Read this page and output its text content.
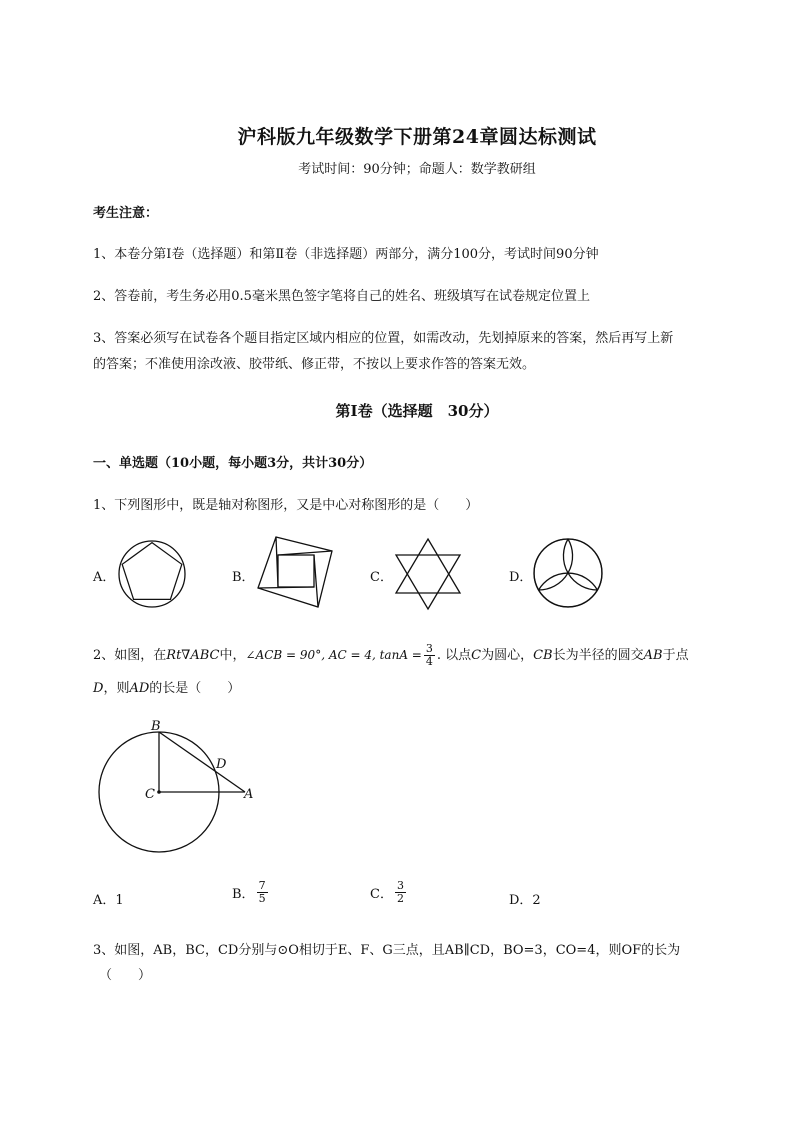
沪科版九年级数学下册第24章圆达标测试
考试时间：90分钟；命题人：数学教研组
考生注意：
1、本卷分第I卷（选择题）和第Ⅱ卷（非选择题）两部分，满分100分，考试时间90分钟
2、答卷前，考生务必用0.5毫米黑色签字笔将自己的姓名、班级填写在试卷规定位置上
3、答案必须写在试卷各个题目指定区域内相应的位置，如需改动，先划掉原来的答案，然后再写上新
的答案；不准使用涂改液、胶带纸、修正带，不按以上要求作答的答案无效。
第I卷（选择题　30分）
一、单选题（10小题，每小题3分，共计30分）
1、下列图形中，既是轴对称图形，又是中心对称图形的是（　　）
A．	B．	C．	D．
2、如图，在Rt∇ABC中，∠ACB = 90°, AC = 4, $\tan A = \frac{3}{4}$ . 以点C为圆心，CB长为半径的圆交AB于点
D，则AD的长是（　　）
B
C
D
A
A．1	B． $\frac{7}{5}$	C． $\frac{3}{2}$	D．2
3、如图，AB，BC，CD分别与⊙O相切于E、F、G三点，且AB∥CD，BO=3，CO=4，则OF的长为
（　　）
